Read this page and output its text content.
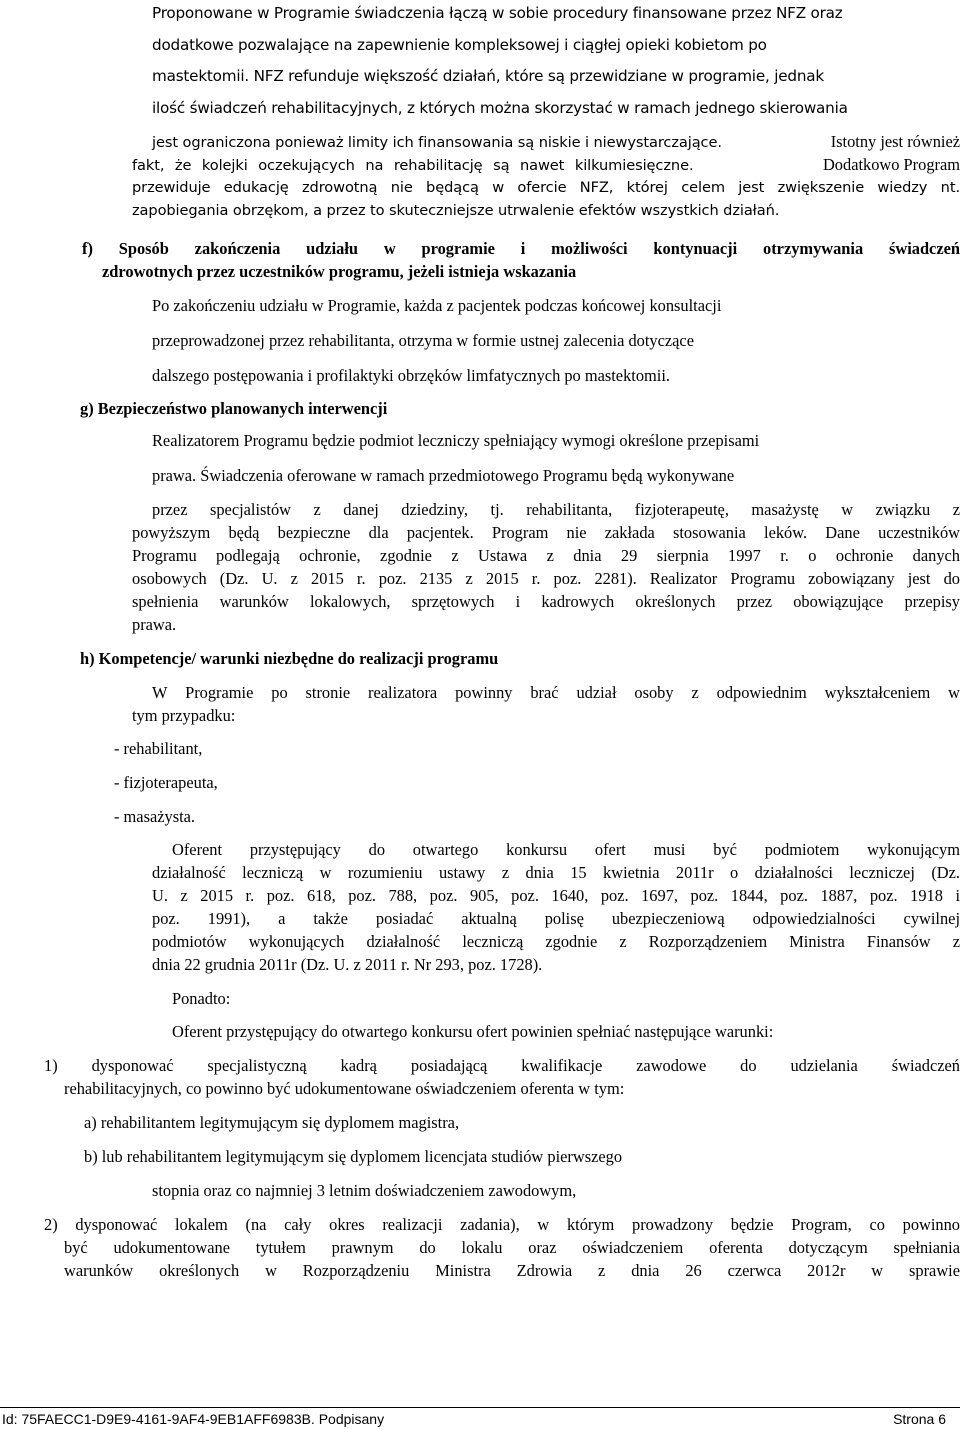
Proponowane w Programie świadczenia łączą w sobie procedury finansowane przez NFZ oraz
dodatkowe pozwalające na zapewnienie kompleksowej i ciągłej opieki kobietom po
mastektomii. NFZ refunduje większość działań, które są przewidziane w programie, jednak
ilość świadczeń rehabilitacyjnych, z których można skorzystać w ramach jednego skierowania
jest ograniczona ponieważ limity ich finansowania są niskie i niewystarczające.	Istotny jest również
fakt, że kolejki oczekujących na rehabilitację są nawet kilkumiesięczne.	Dodatkowo Program
przewiduje edukację zdrowotną nie będącą w ofercie NFZ, której celem jest zwiększenie wiedzy nt.
zapobiegania obrzękom, a przez to skuteczniejsze utrwalenie efektów wszystkich działań.
f) Sposób zakończenia udziału w programie i możliwości kontynuacji otrzymywania świadczeń
zdrowotnych przez uczestników programu, jeżeli istnieja wskazania
Po zakończeniu udziału w Programie, każda z pacjentek podczas końcowej konsultacji
przeprowadzonej przez rehabilitanta, otrzyma w formie ustnej zalecenia dotyczące
dalszego postępowania i profilaktyki obrzęków limfatycznych po mastektomii.
g) Bezpieczeństwo planowanych interwencji
Realizatorem Programu będzie podmiot leczniczy spełniający wymogi określone przepisami
prawa. Świadczenia oferowane w ramach przedmiotowego Programu będą wykonywane
przez specjalistów z danej dziedziny, tj. rehabilitanta, fizjoterapeutę, masażystę w związku z
powyższym będą bezpieczne dla pacjentek. Program nie zakłada stosowania leków. Dane uczestników
Programu podlegają ochronie, zgodnie z Ustawa z dnia 29 sierpnia 1997 r. o ochronie danych
osobowych (Dz. U. z 2015 r. poz. 2135 z 2015 r. poz. 2281). Realizator Programu zobowiązany jest do
spełnienia warunków lokalowych, sprzętowych i kadrowych określonych przez obowiązujące przepisy
prawa.
h) Kompetencje/ warunki niezbędne do realizacji programu
W Programie po stronie realizatora powinny brać udział osoby z odpowiednim wykształceniem w
tym przypadku:
- rehabilitant,
- fizjoterapeuta,
- masażysta.
Oferent przystępujący do otwartego konkursu ofert musi być podmiotem wykonującym
działalność leczniczą w rozumieniu ustawy z dnia 15 kwietnia 2011r o działalności leczniczej (Dz.
U. z 2015 r. poz. 618, poz. 788, poz. 905, poz. 1640, poz. 1697, poz. 1844, poz. 1887, poz. 1918 i
poz. 1991), a także posiadać aktualną polisę ubezpieczeniową odpowiedzialności cywilnej
podmiotów wykonujących działalność leczniczą zgodnie z Rozporządzeniem Ministra Finansów z
dnia 22 grudnia 2011r (Dz. U. z 2011 r. Nr 293, poz. 1728).
Ponadto:
Oferent przystępujący do otwartego konkursu ofert powinien spełniać następujące warunki:
1) dysponować specjalistyczną kadrą posiadającą kwalifikacje zawodowe do udzielania świadczeń
rehabilitacyjnych, co powinno być udokumentowane oświadczeniem oferenta w tym:
a) rehabilitantem legitymującym się dyplomem magistra,
b) lub rehabilitantem legitymującym się dyplomem licencjata studiów pierwszego
stopnia oraz co najmniej 3 letnim doświadczeniem zawodowym,
2) dysponować lokalem (na cały okres realizacji zadania), w którym prowadzony będzie Program, co powinno
być udokumentowane tytułem prawnym do lokalu oraz oświadczeniem oferenta dotyczącym spełniania
warunków określonych w Rozporządzeniu Ministra Zdrowia z dnia 26 czerwca 2012r w sprawie
Id: 75FAECC1-D9E9-4161-9AF4-9EB1AFF6983B. Podpisany	Strona 6
